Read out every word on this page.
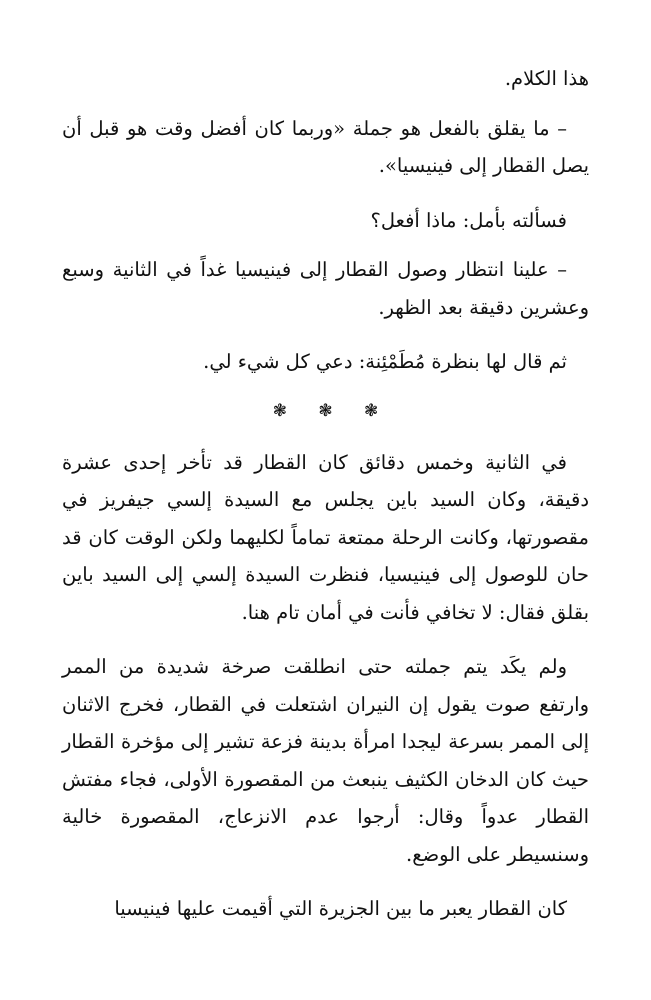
هذا الكلام.

– ما يقلق بالفعل هو جملة «وربما كان أفضل وقت هو قبل أن يصل القطار إلى فينيسيا».

فسألته بأمل: ماذا أفعل؟

– علينا انتظار وصول القطار إلى فينيسيا غداً في الثانية وسبع وعشرين دقيقة بعد الظهر.

ثم قال لها بنظرة مُطَمْئِنة: دعي كل شيء لي.

❃ ❃ ❃

في الثانية وخمس دقائق كان القطار قد تأخر إحدى عشرة دقيقة، وكان السيد باين يجلس مع السيدة إلسي جيفريز في مقصورتها، وكانت الرحلة ممتعة تماماً لكليهما ولكن الوقت كان قد حان للوصول إلى فينيسيا، فنظرت السيدة إلسي إلى السيد باين بقلق فقال: لا تخافي فأنت في أمان تام هنا.

ولم يكَد يتم جملته حتى انطلقت صرخة شديدة من الممر وارتفع صوت يقول إن النيران اشتعلت في القطار، فخرج الاثنان إلى الممر بسرعة ليجدا امرأة بدينة فزعة تشير إلى مؤخرة القطار حيث كان الدخان الكثيف ينبعث من المقصورة الأولى، فجاء مفتش القطار عدواً وقال: أرجوا عدم الانزعاج، المقصورة خالية وسنسيطر على الوضع.

كان القطار يعبر ما بين الجزيرة التي أقيمت عليها فينيسيا
